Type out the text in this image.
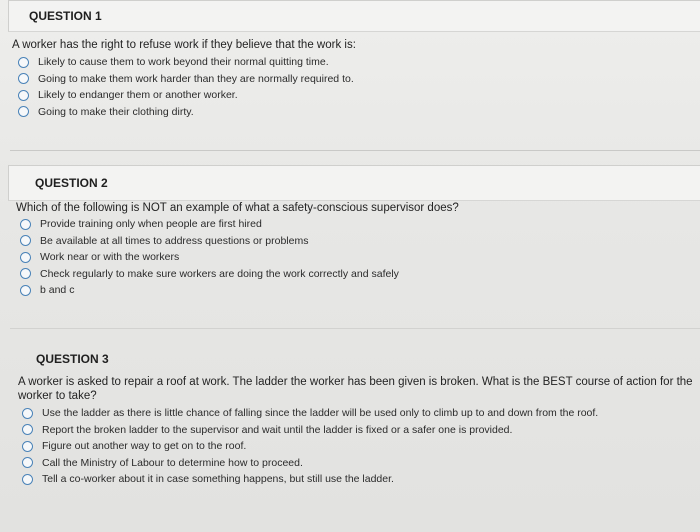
QUESTION 1
A worker has the right to refuse work if they believe that the work is:
Likely to cause them to work beyond their normal quitting time.
Going to make them work harder than they are normally required to.
Likely to endanger them or another worker.
Going to make their clothing dirty.
QUESTION 2
Which of the following is NOT an example of what a safety-conscious supervisor does?
Provide training only when people are first hired
Be available at all times to address questions or problems
Work near or with the workers
Check regularly to make sure workers are doing the work correctly and safely
b and c
QUESTION 3
A worker is asked to repair a roof at work. The ladder the worker has been given is broken. What is the BEST course of action for the worker to take?
Use the ladder as there is little chance of falling since the ladder will be used only to climb up to and down from the roof.
Report the broken ladder to the supervisor and wait until the ladder is fixed or a safer one is provided.
Figure out another way to get on to the roof.
Call the Ministry of Labour to determine how to proceed.
Tell a co-worker about it in case something happens, but still use the ladder.
